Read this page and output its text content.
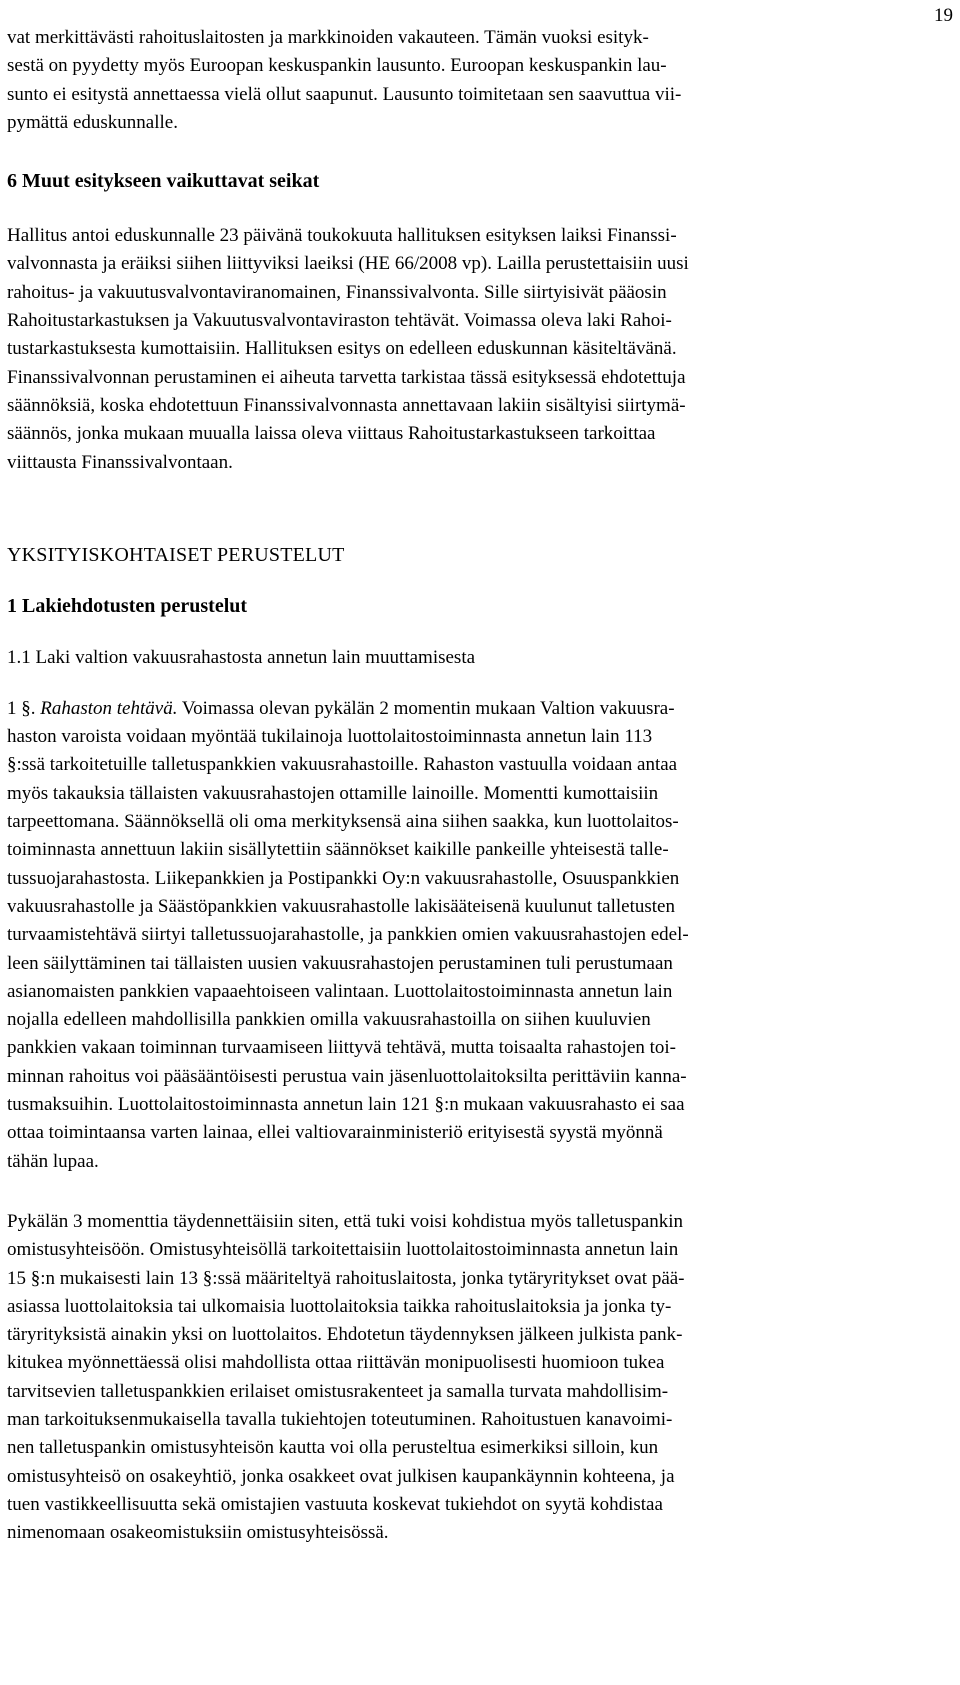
19

vat merkittävästi rahoituslaitosten ja markkinoiden vakauteen. Tämän vuoksi esityk-
sestä on pyydetty myös Euroopan keskuspankin lausunto. Euroopan keskuspankin lau-
sunto ei esitystä annettaessa vielä ollut saapunut. Lausunto toimitetaan sen saavuttua vii-
pymättä eduskunnalle.

6 Muut esitykseen vaikuttavat seikat

Hallitus antoi eduskunnalle 23 päivänä toukokuuta hallituksen esityksen laiksi Finanssi-
valvonnasta ja eräiksi siihen liittyviksi laeiksi (HE 66/2008 vp). Lailla perustettaisiin uusi
rahoitus- ja vakuutusvalvontaviranomainen, Finanssivalvonta. Sille siirtyisivät pääosin
Rahoitustarkastuksen ja Vakuutusvalvontaviraston tehtävät. Voimassa oleva laki Rahoi-
tustarkastuksesta kumottaisiin. Hallituksen esitys on edelleen eduskunnan käsiteltävänä.
Finanssivalvonnan perustaminen ei aiheuta tarvetta tarkistaa tässä esityksessä ehdotettuja
säännöksiä, koska ehdotettuun Finanssivalvonnasta annettavaan lakiin sisältyisi siirtymä-
säännös, jonka mukaan muualla laissa oleva viittaus Rahoitustarkastukseen tarkoittaa
viittausta Finanssivalvontaan.

YKSITYISKOHTAISET PERUSTELUT
1 Lakiehdotusten perustelut
1.1 Laki valtion vakuusrahastosta annetun lain muuttamisesta

1 §. Rahaston tehtävä. Voimassa olevan pykälän 2 momentin mukaan Valtion vakuusra-
haston varoista voidaan myöntää tukilainoja luottolaitostoiminnasta annetun lain 113
§:ssä tarkoitetuille talletuspankkien vakuusrahastoille. Rahaston vastuulla voidaan antaa
myös takauksia tällaisten vakuusrahastojen ottamille lainoille. Momentti kumottaisiin
tarpeettomana. Säännöksellä oli oma merkityksensä aina siihen saakka, kun luottolaitos-
toiminnasta annettuun lakiin sisällytettiin säännökset kaikille pankeille yhteisestä talle-
tussuojarahastosta. Liikepankkien ja Postipankki Oy:n vakuusrahastolle, Osuuspankkien
vakuusrahastolle ja Säästöpankkien vakuusrahastolle lakisääteisenä kuulunut talletusten
turvaamistehtävä siirtyi talletussuojarahastolle, ja pankkien omien vakuusrahastojen edel-
leen säilyttäminen tai tällaisten uusien vakuusrahastojen perustaminen tuli perustumaan
asianomaisten pankkien vapaaehtoiseen valintaan. Luottolaitostoiminnasta annetun lain
nojalla edelleen mahdollisilla pankkien omilla vakuusrahastoilla on siihen kuuluvien
pankkien vakaan toiminnan turvaamiseen liittyvä tehtävä, mutta toisaalta rahastojen toi-
minnan rahoitus voi pääsääntöisesti perustua vain jäsenluottolaitoksilta perittäviin kanna-
tusmaksuihin. Luottolaitostoiminnasta annetun lain 121 §:n mukaan vakuusrahasto ei saa
ottaa toimintaansa varten lainaa, ellei valtiovarainministeriö erityisestä syystä myönnä
tähän lupaa.

Pykälän 3 momenttia täydennettäisiin siten, että tuki voisi kohdistua myös talletuspankin
omistusyhteisöön. Omistusyhteisöllä tarkoitettaisiin luottolaitostoiminnasta annetun lain
15 §:n mukaisesti lain 13 §:ssä määriteltyä rahoituslaitosta, jonka tytäryritykset ovat pää-
asiassa luottolaitoksia tai ulkomaisia luottolaitoksia taikka rahoituslaitoksia ja jonka ty-
täryrityksistä ainakin yksi on luottolaitos. Ehdotetun täydennyksen jälkeen julkista pank-
kitukea myönnettäessä olisi mahdollista ottaa riittävän monipuolisesti huomioon tukea
tarvitsevien talletuspankkien erilaiset omistusrakenteet ja samalla turvata mahdollisim-
man tarkoituksenmukaisella tavalla tukiehtojen toteutuminen. Rahoitustuen kanavoimi-
nen talletuspankin omistusyhteisön kautta voi olla perusteltua esimerkiksi silloin, kun
omistusyhteisö on osakeyhtiö, jonka osakkeet ovat julkisen kaupankäynnin kohteena, ja
tuen vastikkeellisuutta sekä omistajien vastuuta koskevat tukiehdot on syytä kohdistaa
nimenomaan osakeomistuksiin omistusyhteisössä.
